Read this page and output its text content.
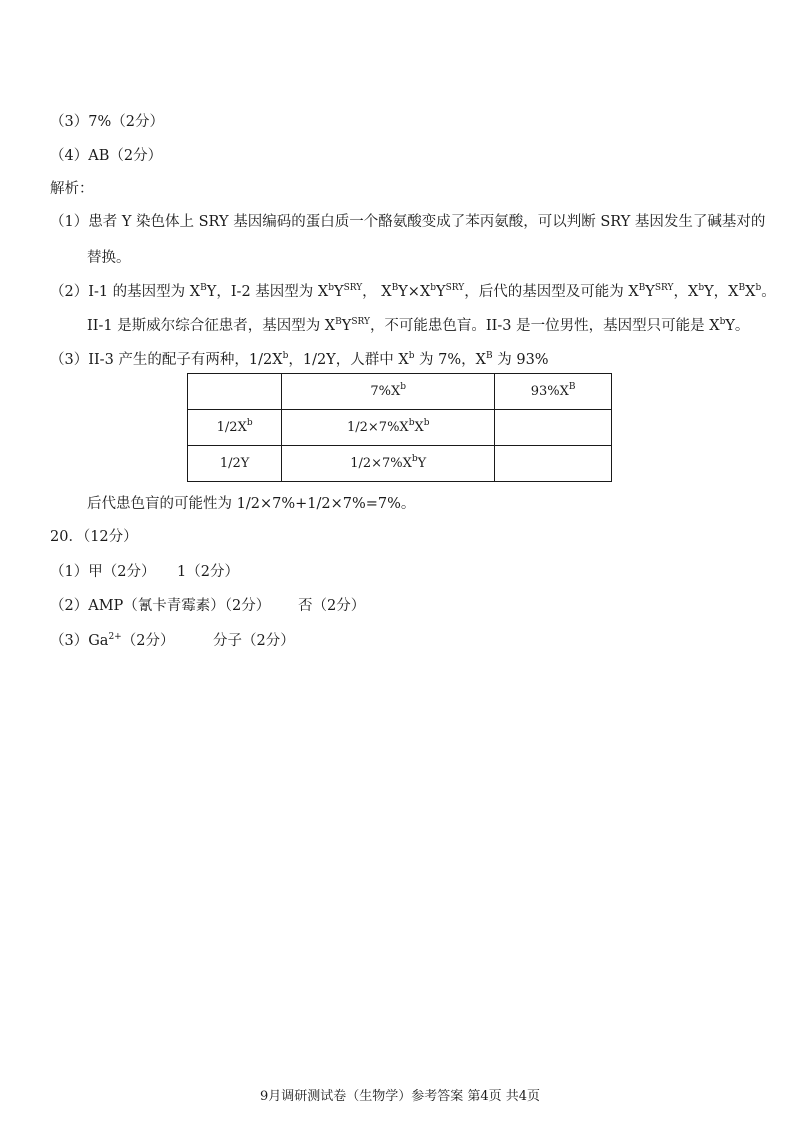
（3）7%（2分）
（4）AB（2分）
解析：
（1）患者 Y 染色体上 SRY 基因编码的蛋白质一个酪氨酸变成了苯丙氨酸，可以判断 SRY 基因发生了碱基对的
替换。
（2）I-1 的基因型为 $X^BY$，I-2 基因型为 $X^bY^{SRY}$， $X^BY\times X^bY^{SRY}$，后代的基因型及可能为 $X^BY^{SRY}$，$X^bY$，$X^BX^b$。
II-1 是斯威尔综合征患者，基因型为 $X^BY^{SRY}$，不可能患色盲。II-3 是一位男性，基因型只可能是 $X^bY$。
（3）II-3 产生的配子有两种，$1/2X^b$，1/2Y，人群中 $X^b$ 为 7%，$X^B$ 为 93%
	$7\%X^b$	$93\%X^B$
$1/2X^b$	$1/2\times 7\%X^bX^b$	
1/2Y	$1/2\times 7\%X^bY$	
后代患色盲的可能性为 1/2×7%+1/2×7%=7%。
20．（12分）
（1）甲（2分） 1（2分）
（2）AMP（氰卡青霉素）（2分） 否（2分）
$(3)Ga^{2+}(2$分）	分子（2分）
9月调研测试卷（生物学）参考答案 第4页 共4页
